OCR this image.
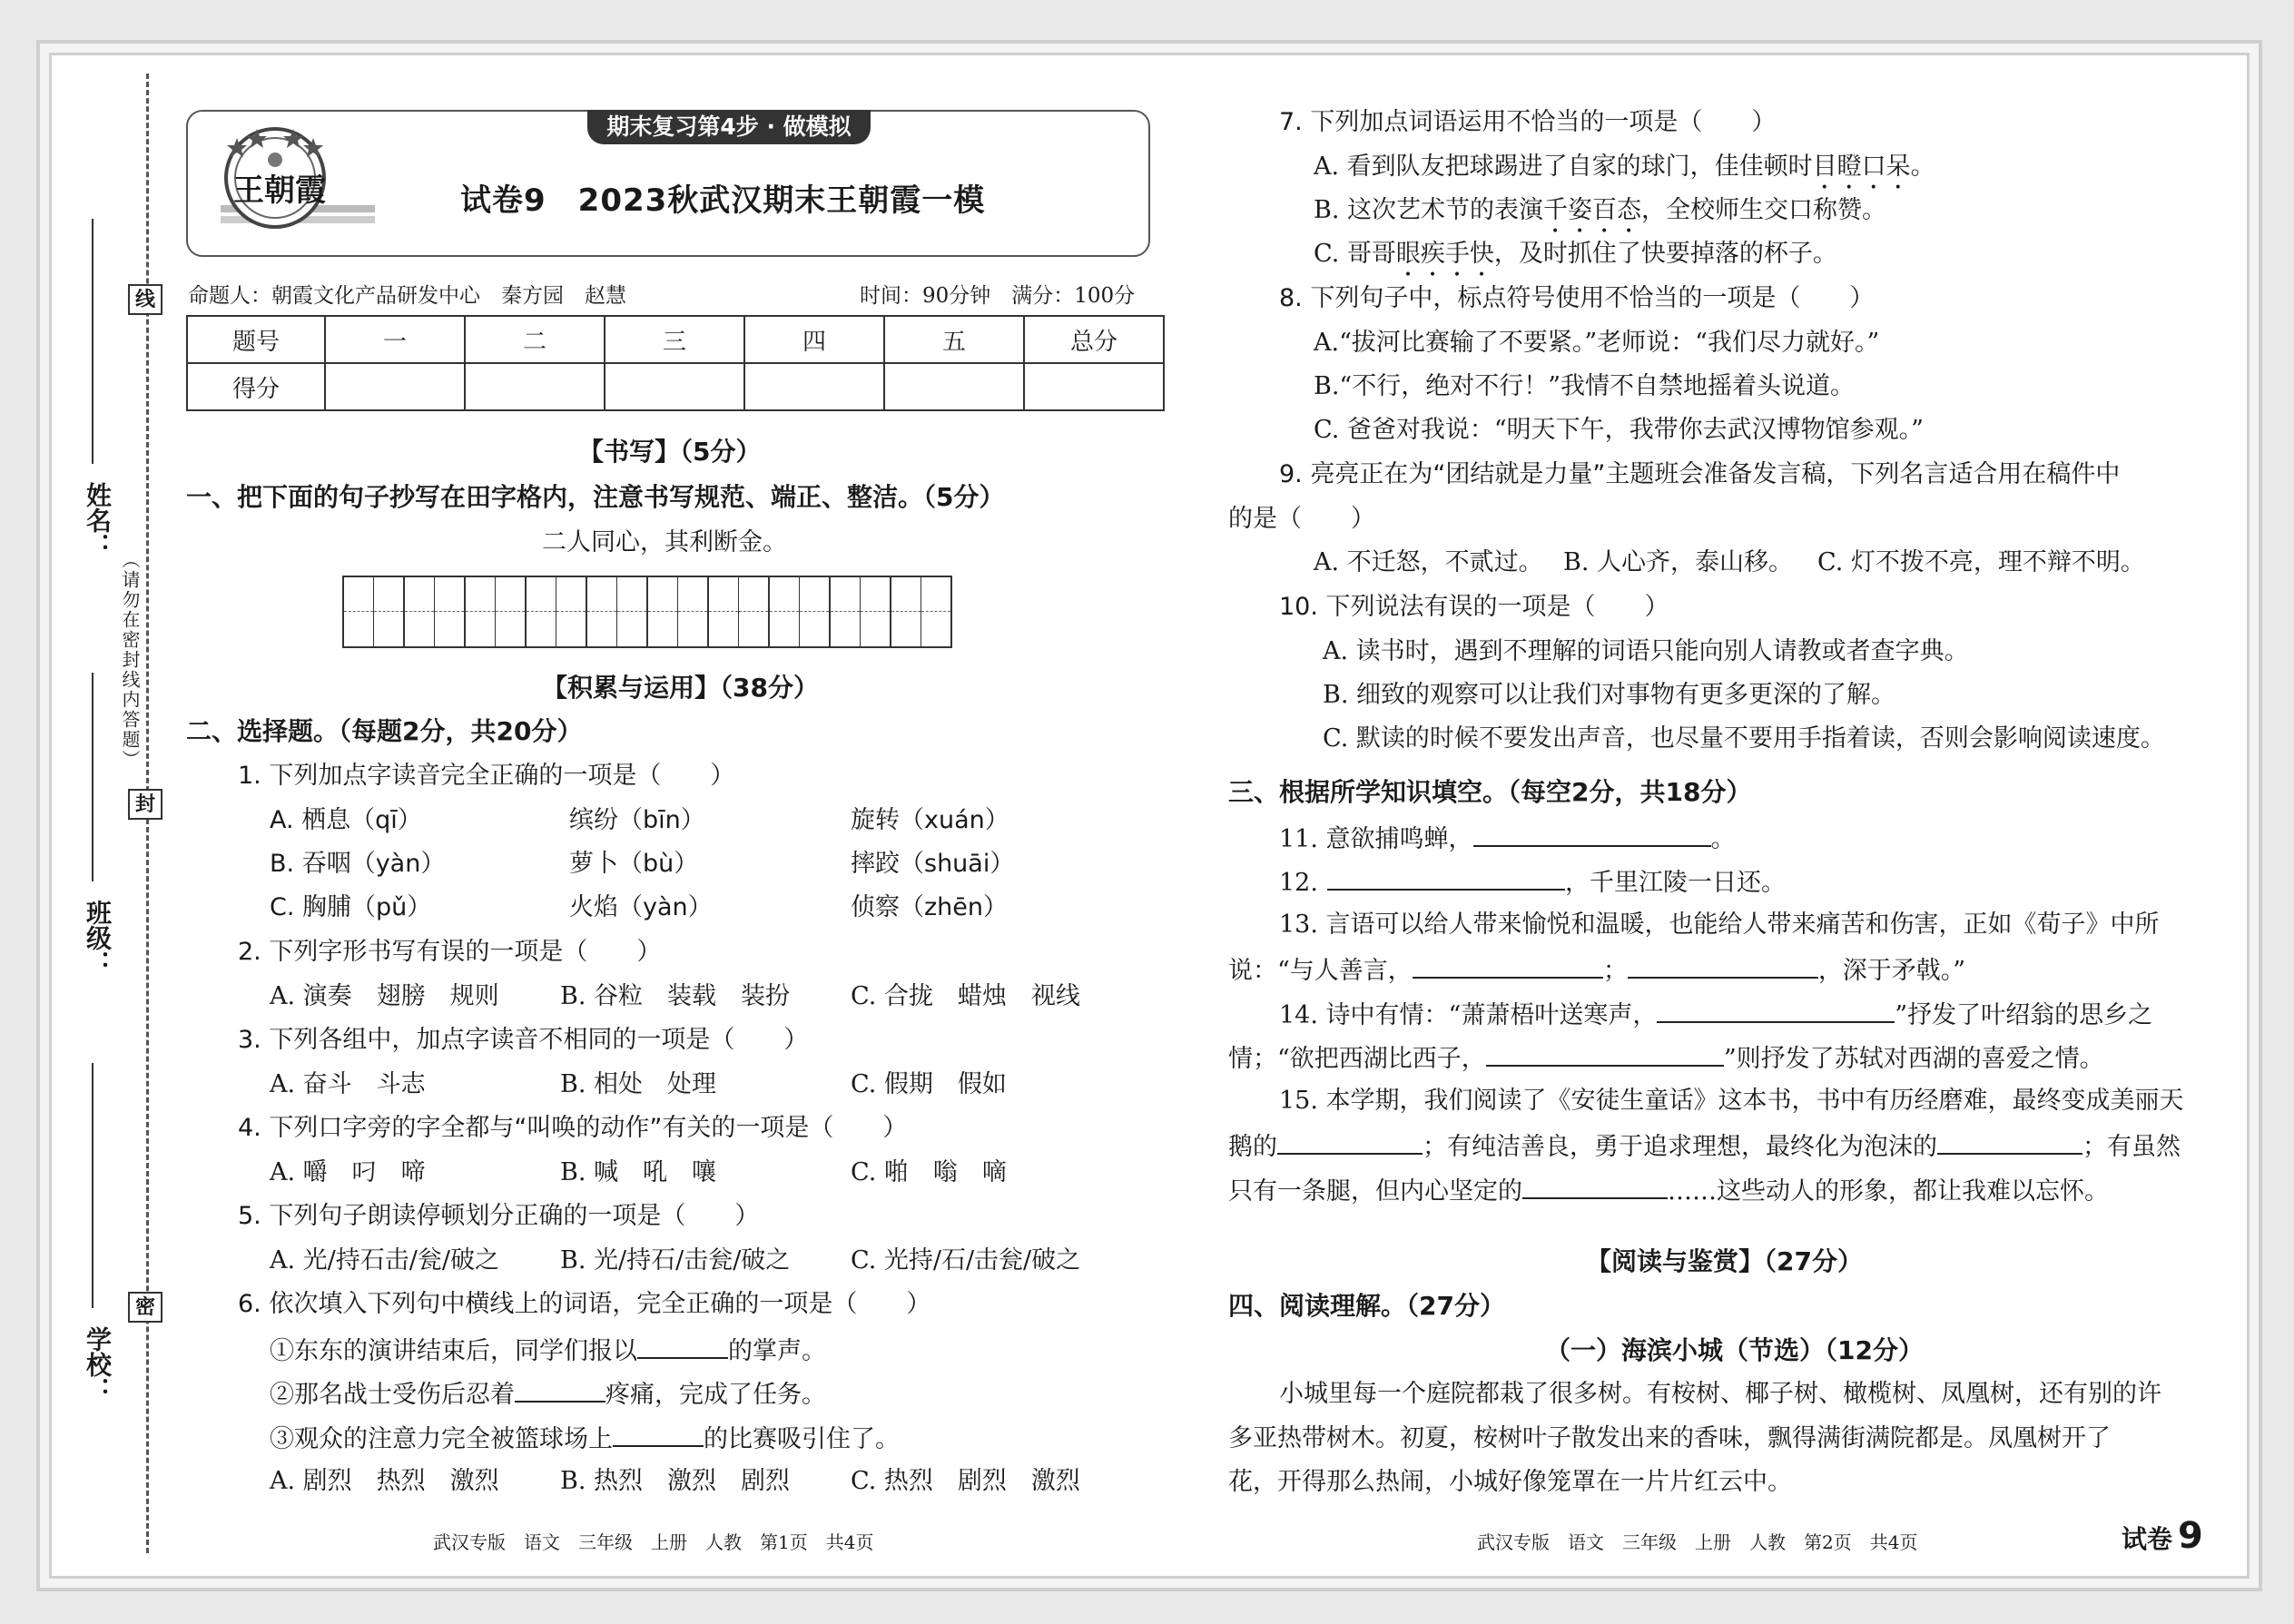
线
封
密
姓名：
班级：
学校：
（请勿在密封线内答题）
王朝霞
期末复习第4步 · 做模拟
试卷9　2023秋武汉期末王朝霞一模
命题人：朝霞文化产品研发中心　秦方园　赵慧	时间：90分钟　满分：100分
题号	一	二	三	四	五	总分
得分						
【书写】（5分）
一、把下面的句子抄写在田字格内，注意书写规范、端正、整洁。（5分）
二人同心，其利断金。
【积累与运用】（38分）
二、选择题。（每题2分，共20分）
1. 下列加点字读音完全正确的一项是（　　）
A. 栖息（qī）	缤纷（bīn）	旋转（xuán）
B. 吞咽（yàn）	萝卜（bù）	摔跤（shuāi）
C. 胸脯（pǔ）	火焰（yàn）	侦察（zhēn）
2. 下列字形书写有误的一项是（　　）
A. 演奏　翅膀　规则 B. 谷粒　装载　装扮 C. 合拢　蜡烛　视线
3. 下列各组中，加点字读音不相同的一项是（　　）
A. 奋斗　斗志	B. 相处　处理	C. 假期　假如
4. 下列口字旁的字全都与“叫唤的动作”有关的一项是（　　）
A. 嚼　叼　啼	B. 喊　吼　嚷	C. 啪　嗡　嘀
5. 下列句子朗读停顿划分正确的一项是（　　）
A. 光/持石击/瓮/破之 B. 光/持石/击瓮/破之 C. 光持/石/击瓮/破之
6. 依次填入下列句中横线上的词语，完全正确的一项是（　　）
①东东的演讲结束后，同学们报以	的掌声。
②那名战士受伤后忍着	疼痛，完成了任务。
③观众的注意力完全被篮球场上	的比赛吸引住了。
A. 剧烈　热烈　激烈 B. 热烈　激烈　剧烈 C. 热烈　剧烈　激烈
武汉专版　语文　三年级　上册　人教　第1页　共4页
7. 下列加点词语运用不恰当的一项是（　　）
A. 看到队友把球踢进了自家的球门，佳佳顿时目瞪口呆。
B. 这次艺术节的表演千姿百态，全校师生交口称赞。
C. 哥哥眼疾手快，及时抓住了快要掉落的杯子。
8. 下列句子中，标点符号使用不恰当的一项是（　　）
A.“拔河比赛输了不要紧。”老师说：“我们尽力就好。”
B.“不行，绝对不行！”我情不自禁地摇着头说道。
C. 爸爸对我说：“明天下午，我带你去武汉博物馆参观。”
9. 亮亮正在为“团结就是力量”主题班会准备发言稿，下列名言适合用在稿件中
的是（　　）
A. 不迁怒，不贰过。 B. 人心齐，泰山移。 C. 灯不拨不亮，理不辩不明。
10. 下列说法有误的一项是（　　）
A. 读书时，遇到不理解的词语只能向别人请教或者查字典。
B. 细致的观察可以让我们对事物有更多更深的了解。
C. 默读的时候不要发出声音，也尽量不要用手指着读，否则会影响阅读速度。
三、根据所学知识填空。（每空2分，共18分）
11. 意欲捕鸣蝉，	。
12.	，千里江陵一日还。
13. 言语可以给人带来愉悦和温暖，也能给人带来痛苦和伤害，正如《荀子》中所
说：“与人善言，	；	，深于矛戟。”
14. 诗中有情：“萧萧梧叶送寒声，	”抒发了叶绍翁的思乡之
情；“欲把西湖比西子，	”则抒发了苏轼对西湖的喜爱之情。
15. 本学期，我们阅读了《安徒生童话》这本书，书中有历经磨难，最终变成美丽天
鹅的	；有纯洁善良，勇于追求理想，最终化为泡沫的	；有虽然
只有一条腿，但内心坚定的	……这些动人的形象，都让我难以忘怀。
【阅读与鉴赏】（27分）
四、阅读理解。（27分）
（一）海滨小城（节选）（12分）
小城里每一个庭院都栽了很多树。有桉树、椰子树、橄榄树、凤凰树，还有别的许
多亚热带树木。初夏，桉树叶子散发出来的香味，飘得满街满院都是。凤凰树开了
花，开得那么热闹，小城好像笼罩在一片片红云中。
武汉专版　语文　三年级　上册　人教　第2页　共4页	试卷 9
